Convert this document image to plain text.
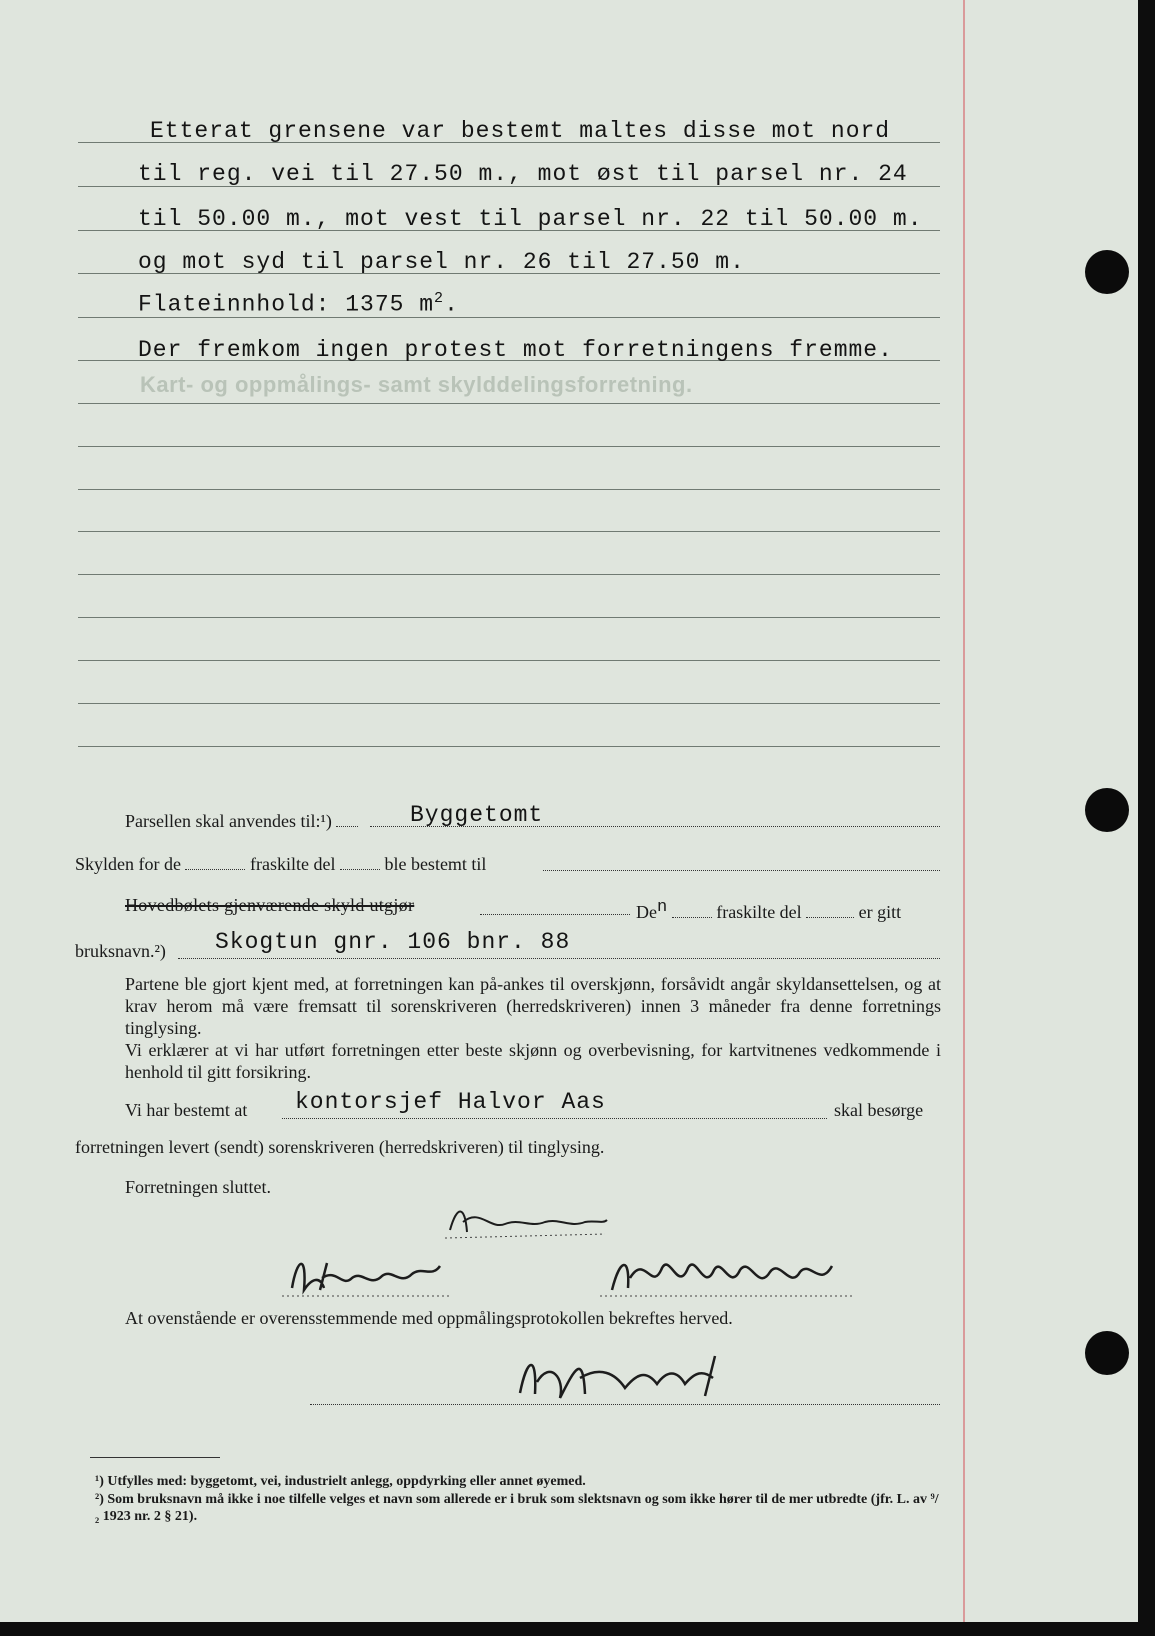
Kart- og oppmålings- samt skylddelingsforretning.
Etterat grensene var bestemt maltes disse mot nord
til reg. vei til 27.50 m., mot øst til parsel nr. 24
til 50.00 m., mot vest til parsel nr. 22 til 50.00 m.
og mot syd til parsel nr. 26 til 27.50 m.
Flateinnhold: 1375 $m^2$.
Der fremkom ingen protest mot forretningens fremme.
Parsellen skal anvendes til:¹)	Byggetomt
Skylden for de	fraskilte del	ble bestemt til
Hovedbølets gjenværende skyld utgjør	De$^n$	fraskilte del	er gitt
bruksnavn.²) Skogtun gnr. 106 bnr. 88
Partene ble gjort kjent med, at forretningen kan på-ankes til overskjønn, forsåvidt angår skyldansettelsen, og at krav herom må være fremsatt til sorenskriveren (herredskriveren) innen 3 måneder fra denne forretnings tinglysing.
Vi erklærer at vi har utført forretningen etter beste skjønn og overbevisning, for kartvitnenes vedkommende i henhold til gitt forsikring.
Vi har bestemt at kontorsjef Halvor Aas	skal besørge
forretningen levert (sendt) sorenskriveren (herredskriveren) til tinglysing.
Forretningen sluttet.
At ovenstående er overensstemmende med oppmålingsprotokollen bekreftes herved.
¹) Utfylles med: byggetomt, vei, industrielt anlegg, oppdyrking eller annet øyemed.
²) Som bruksnavn må ikke i noe tilfelle velges et navn som allerede er i bruk som slektsnavn og som ikke hører til de mer utbredte (jfr. L. av ⁹/₂ 1923 nr. 2 § 21).
